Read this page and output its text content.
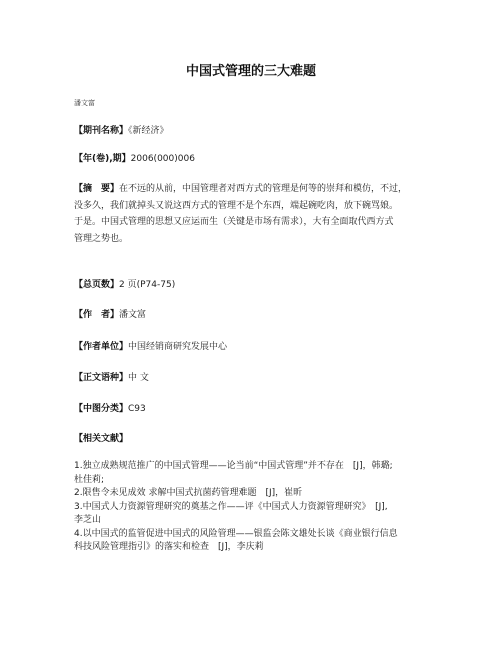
中国式管理的三大难题
潘文富
【期刊名称】《新经济》
【年(卷),期】2006(000)006
【摘　要】在不远的从前，中国管理者对西方式的管理是何等的崇拜和模仿，不过，
没多久，我们就掉头又说这西方式的管理不是个东西，端起碗吃肉，放下碗骂娘。
于是。中国式管理的思想又应运而生（关键是市场有需求），大有全面取代西方式
管理之势也。
【总页数】2 页(P74-75)
【作　者】潘文富
【作者单位】中国经销商研究发展中心
【正文语种】中 文
【中图分类】C93
【相关文献】
1.独立成熟规范推广的中国式管理——论当前“中国式管理”并不存在　[J]，韩璐;
杜佳莉;
2.限售令未见成效 求解中国式抗菌药管理难题　[J]，崔昕
3.中国式人力资源管理研究的奠基之作——评《中国式人力资源管理研究》　[J],
李芝山
4.以中国式的监管促进中国式的风险管理——银监会陈文雄处长谈《商业银行信息
科技风险管理指引》的落实和检查　[J]，李庆莉
